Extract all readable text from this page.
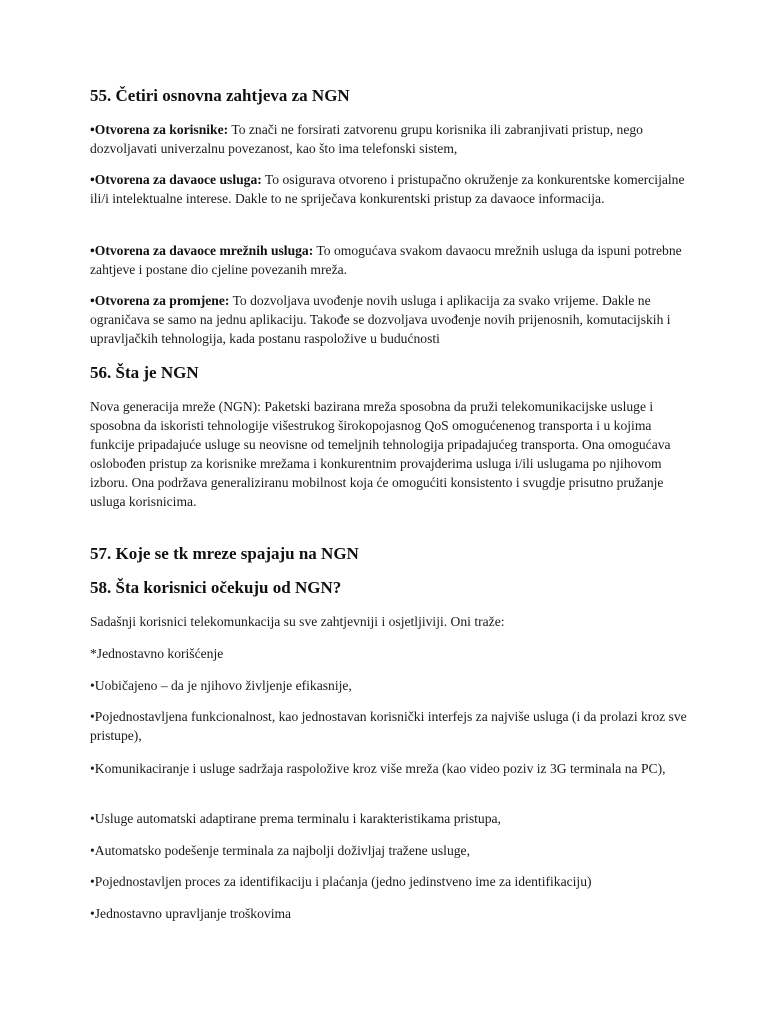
55. Četiri osnovna zahtjeva za NGN

•Otvorena za korisnike: To znači ne forsirati zatvorenu grupu korisnika ili zabranjivati pristup, nego dozvoljavati univerzalnu povezanost, kao što ima telefonski sistem,

•Otvorena za davaoce usluga: To osigurava otvoreno i pristupačno okruženje za konkurentske komercijalne ili/i intelektualne interese. Dakle to ne spriječava konkurentski pristup za davaoce informacija.

•Otvorena za davaoce mrežnih usluga: To omogućava svakom davaocu mrežnih usluga da ispuni potrebne zahtjeve i postane dio cjeline povezanih mreža.

•Otvorena za promjene: To dozvoljava uvođenje novih usluga i aplikacija za svako vrijeme. Dakle ne ograničava se samo na jednu aplikaciju. Takođe se dozvoljava uvođenje novih prijenosnih, komutacijskih i upravljačkih tehnologija, kada postanu raspoložive u budućnosti

56. Šta je NGN

Nova generacija mreže (NGN): Paketski bazirana mreža sposobna da pruži telekomunikacijske usluge i sposobna da iskoristi tehnologije višestrukog širokopojasnog QoS omogućenenog transporta i u kojima funkcije pripadajuće usluge su neovisne od temeljnih tehnologija pripadajućeg transporta. Ona omogućava oslobođen pristup za korisnike mrežama i konkurentnim provajderima usluga i/ili uslugama po njihovom izboru. Ona podržava generaliziranu mobilnost koja će omogućiti konsistento i svugdje prisutno pružanje usluga korisnicima.

57. Koje se tk mreze spajaju na NGN
58. Šta korisnici očekuju od NGN?

Sadašnji korisnici telekomunkacija su sve zahtjevniji i osjetljiviji. Oni traže:

*Jednostavno korišćenje

•Uobičajeno – da je njihovo življenje efikasnije,

•Pojednostavljena funkcionalnost, kao jednostavan korisnički interfejs za najviše usluga (i da prolazi kroz sve pristupe),

•Komunikaciranje i usluge sadržaja raspoložive kroz više mreža (kao video poziv iz 3G terminala na PC),

•Usluge automatski adaptirane prema terminalu i karakteristikama pristupa,

•Automatsko podešenje terminala za najbolji doživljaj tražene usluge,

•Pojednostavljen proces za identifikaciju i plaćanja (jedno jedinstveno ime za identifikaciju)

•Jednostavno upravljanje troškovima
